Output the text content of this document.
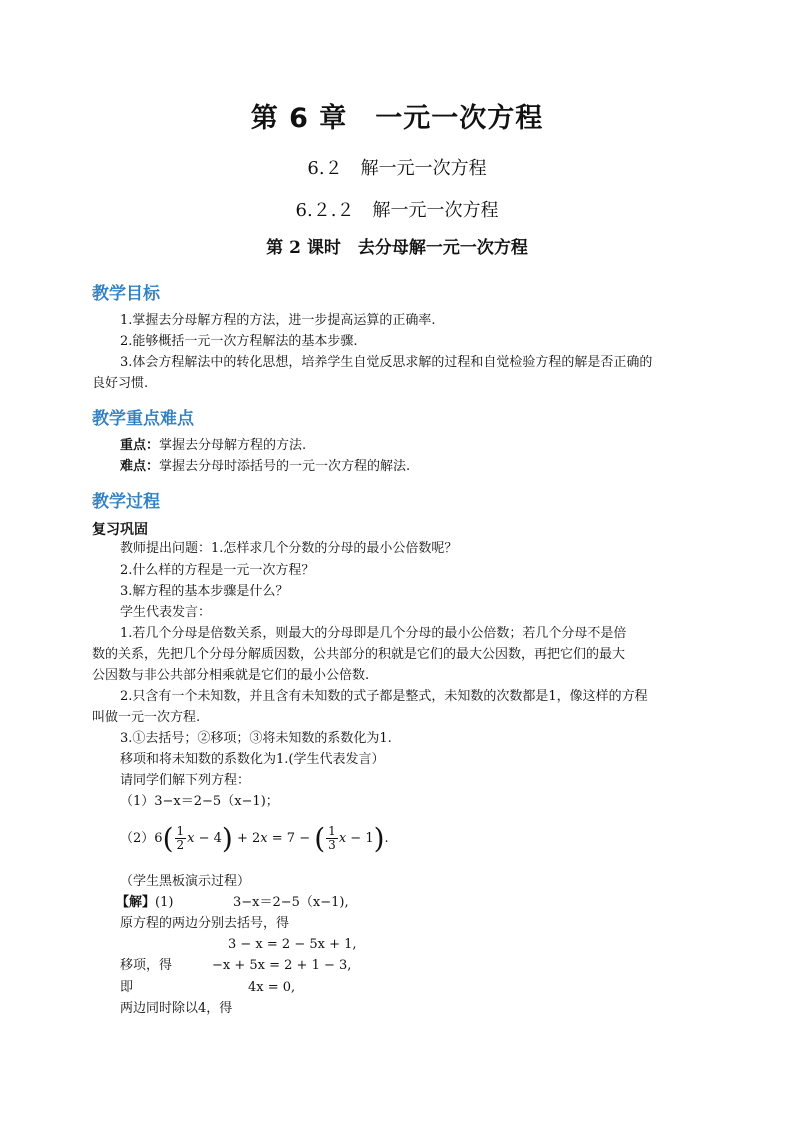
第 6 章　一元一次方程
6.２　解一元一次方程
6.２.２　解一元一次方程
第 2 课时　去分母解一元一次方程
教学目标
1.掌握去分母解方程的方法，进一步提高运算的正确率.
2.能够概括一元一次方程解法的基本步骤.
3.体会方程解法中的转化思想，培养学生自觉反思求解的过程和自觉检验方程的解是否正确的
良好习惯.
教学重点难点
重点：掌握去分母解方程的方法.
难点：掌握去分母时添括号的一元一次方程的解法.
教学过程
复习巩固
教师提出问题：1.怎样求几个分数的分母的最小公倍数呢？
2.什么样的方程是一元一次方程？
3.解方程的基本步骤是什么？
学生代表发言：
1.若几个分母是倍数关系，则最大的分母即是几个分母的最小公倍数；若几个分母不是倍
数的关系，先把几个分母分解质因数，公共部分的积就是它们的最大公因数，再把它们的最大
公因数与非公共部分相乘就是它们的最小公倍数.
2.只含有一个未知数，并且含有未知数的式子都是整式，未知数的次数都是1，像这样的方程
叫做一元一次方程.
3.①去括号；②移项；③将未知数的系数化为1.
移项和将未知数的系数化为1.(学生代表发言）
请同学们解下列方程：
（1）3−x＝2−5（x−1)；
$(2)6( \frac{1}{2}$ x − 4) + 2x = 7 − ( $\frac{1}{3}$ x − 1).
（学生黑板演示过程）
【解】(1)	3−x＝2−5（x−1),
原方程的两边分别去括号，得
3 − x = 2 − 5x + 1,
移项，得	−x + 5x = 2 + 1 − 3,
即	4x = 0,
两边同时除以4，得
